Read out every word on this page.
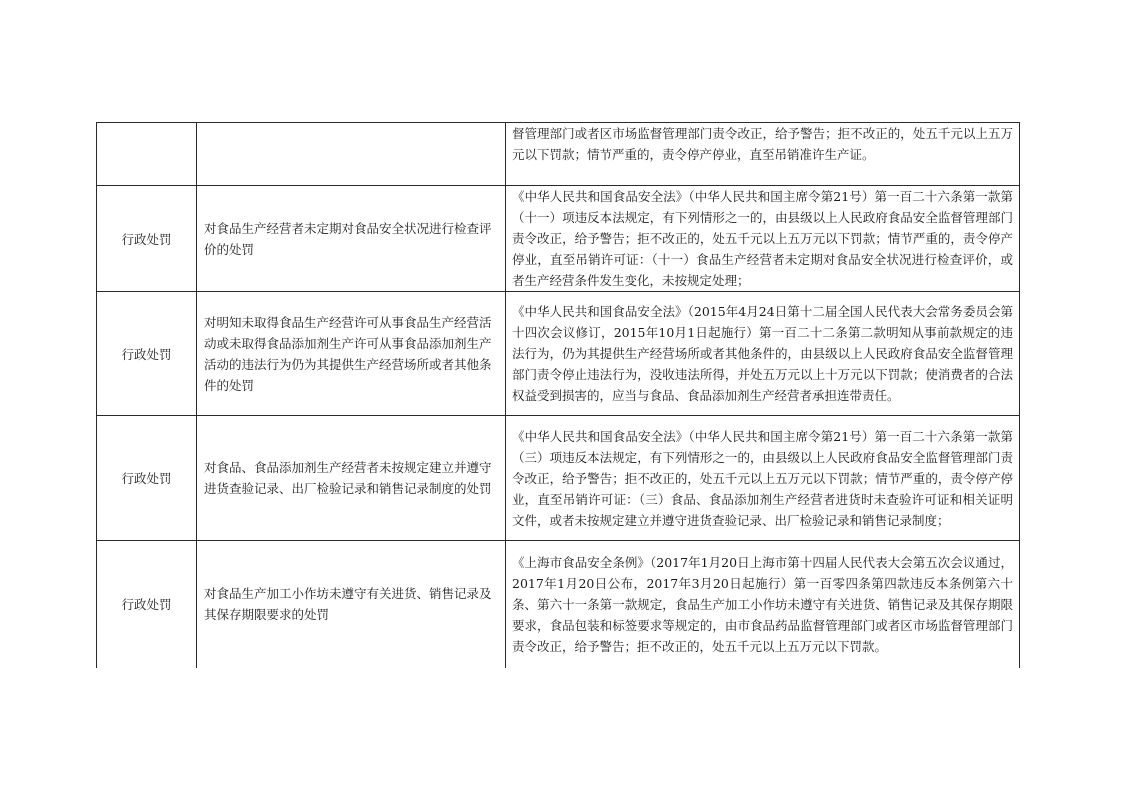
		督管理部门或者区市场监督管理部门责令改正，给予警告；拒不改正的，处五千元以上五万元以下罚款；情节严重的，责令停产停业，直至吊销准许生产证。
行政处罚	对食品生产经营者未定期对食品安全状况进行检查评价的处罚	《中华人民共和国食品安全法》（中华人民共和国主席令第21号）第一百二十六条第一款第（十一）项违反本法规定，有下列情形之一的，由县级以上人民政府食品安全监督管理部门责令改正，给予警告；拒不改正的，处五千元以上五万元以下罚款；情节严重的，责令停产停业，直至吊销许可证：（十一）食品生产经营者未定期对食品安全状况进行检查评价，或者生产经营条件发生变化，未按规定处理；
行政处罚	对明知未取得食品生产经营许可从事食品生产经营活动或未取得食品添加剂生产许可从事食品添加剂生产活动的违法行为仍为其提供生产经营场所或者其他条件的处罚	《中华人民共和国食品安全法》（2015年4月24日第十二届全国人民代表大会常务委员会第十四次会议修订，2015年10月1日起施行）第一百二十二条第二款明知从事前款规定的违法行为，仍为其提供生产经营场所或者其他条件的，由县级以上人民政府食品安全监督管理部门责令停止违法行为，没收违法所得，并处五万元以上十万元以下罚款；使消费者的合法权益受到损害的，应当与食品、食品添加剂生产经营者承担连带责任。
行政处罚	对食品、食品添加剂生产经营者未按规定建立并遵守进货查验记录、出厂检验记录和销售记录制度的处罚	《中华人民共和国食品安全法》（中华人民共和国主席令第21号）第一百二十六条第一款第（三）项违反本法规定，有下列情形之一的，由县级以上人民政府食品安全监督管理部门责令改正，给予警告；拒不改正的，处五千元以上五万元以下罚款；情节严重的，责令停产停业，直至吊销许可证：（三）食品、食品添加剂生产经营者进货时未查验许可证和相关证明文件，或者未按规定建立并遵守进货查验记录、出厂检验记录和销售记录制度；
行政处罚	对食品生产加工小作坊未遵守有关进货、销售记录及其保存期限要求的处罚	《上海市食品安全条例》（2017年1月20日上海市第十四届人民代表大会第五次会议通过，2017年1月20日公布，2017年3月20日起施行）第一百零四条第四款违反本条例第六十条、第六十一条第一款规定，食品生产加工小作坊未遵守有关进货、销售记录及其保存期限要求，食品包装和标签要求等规定的，由市食品药品监督管理部门或者区市场监督管理部门责令改正，给予警告；拒不改正的，处五千元以上五万元以下罚款。
